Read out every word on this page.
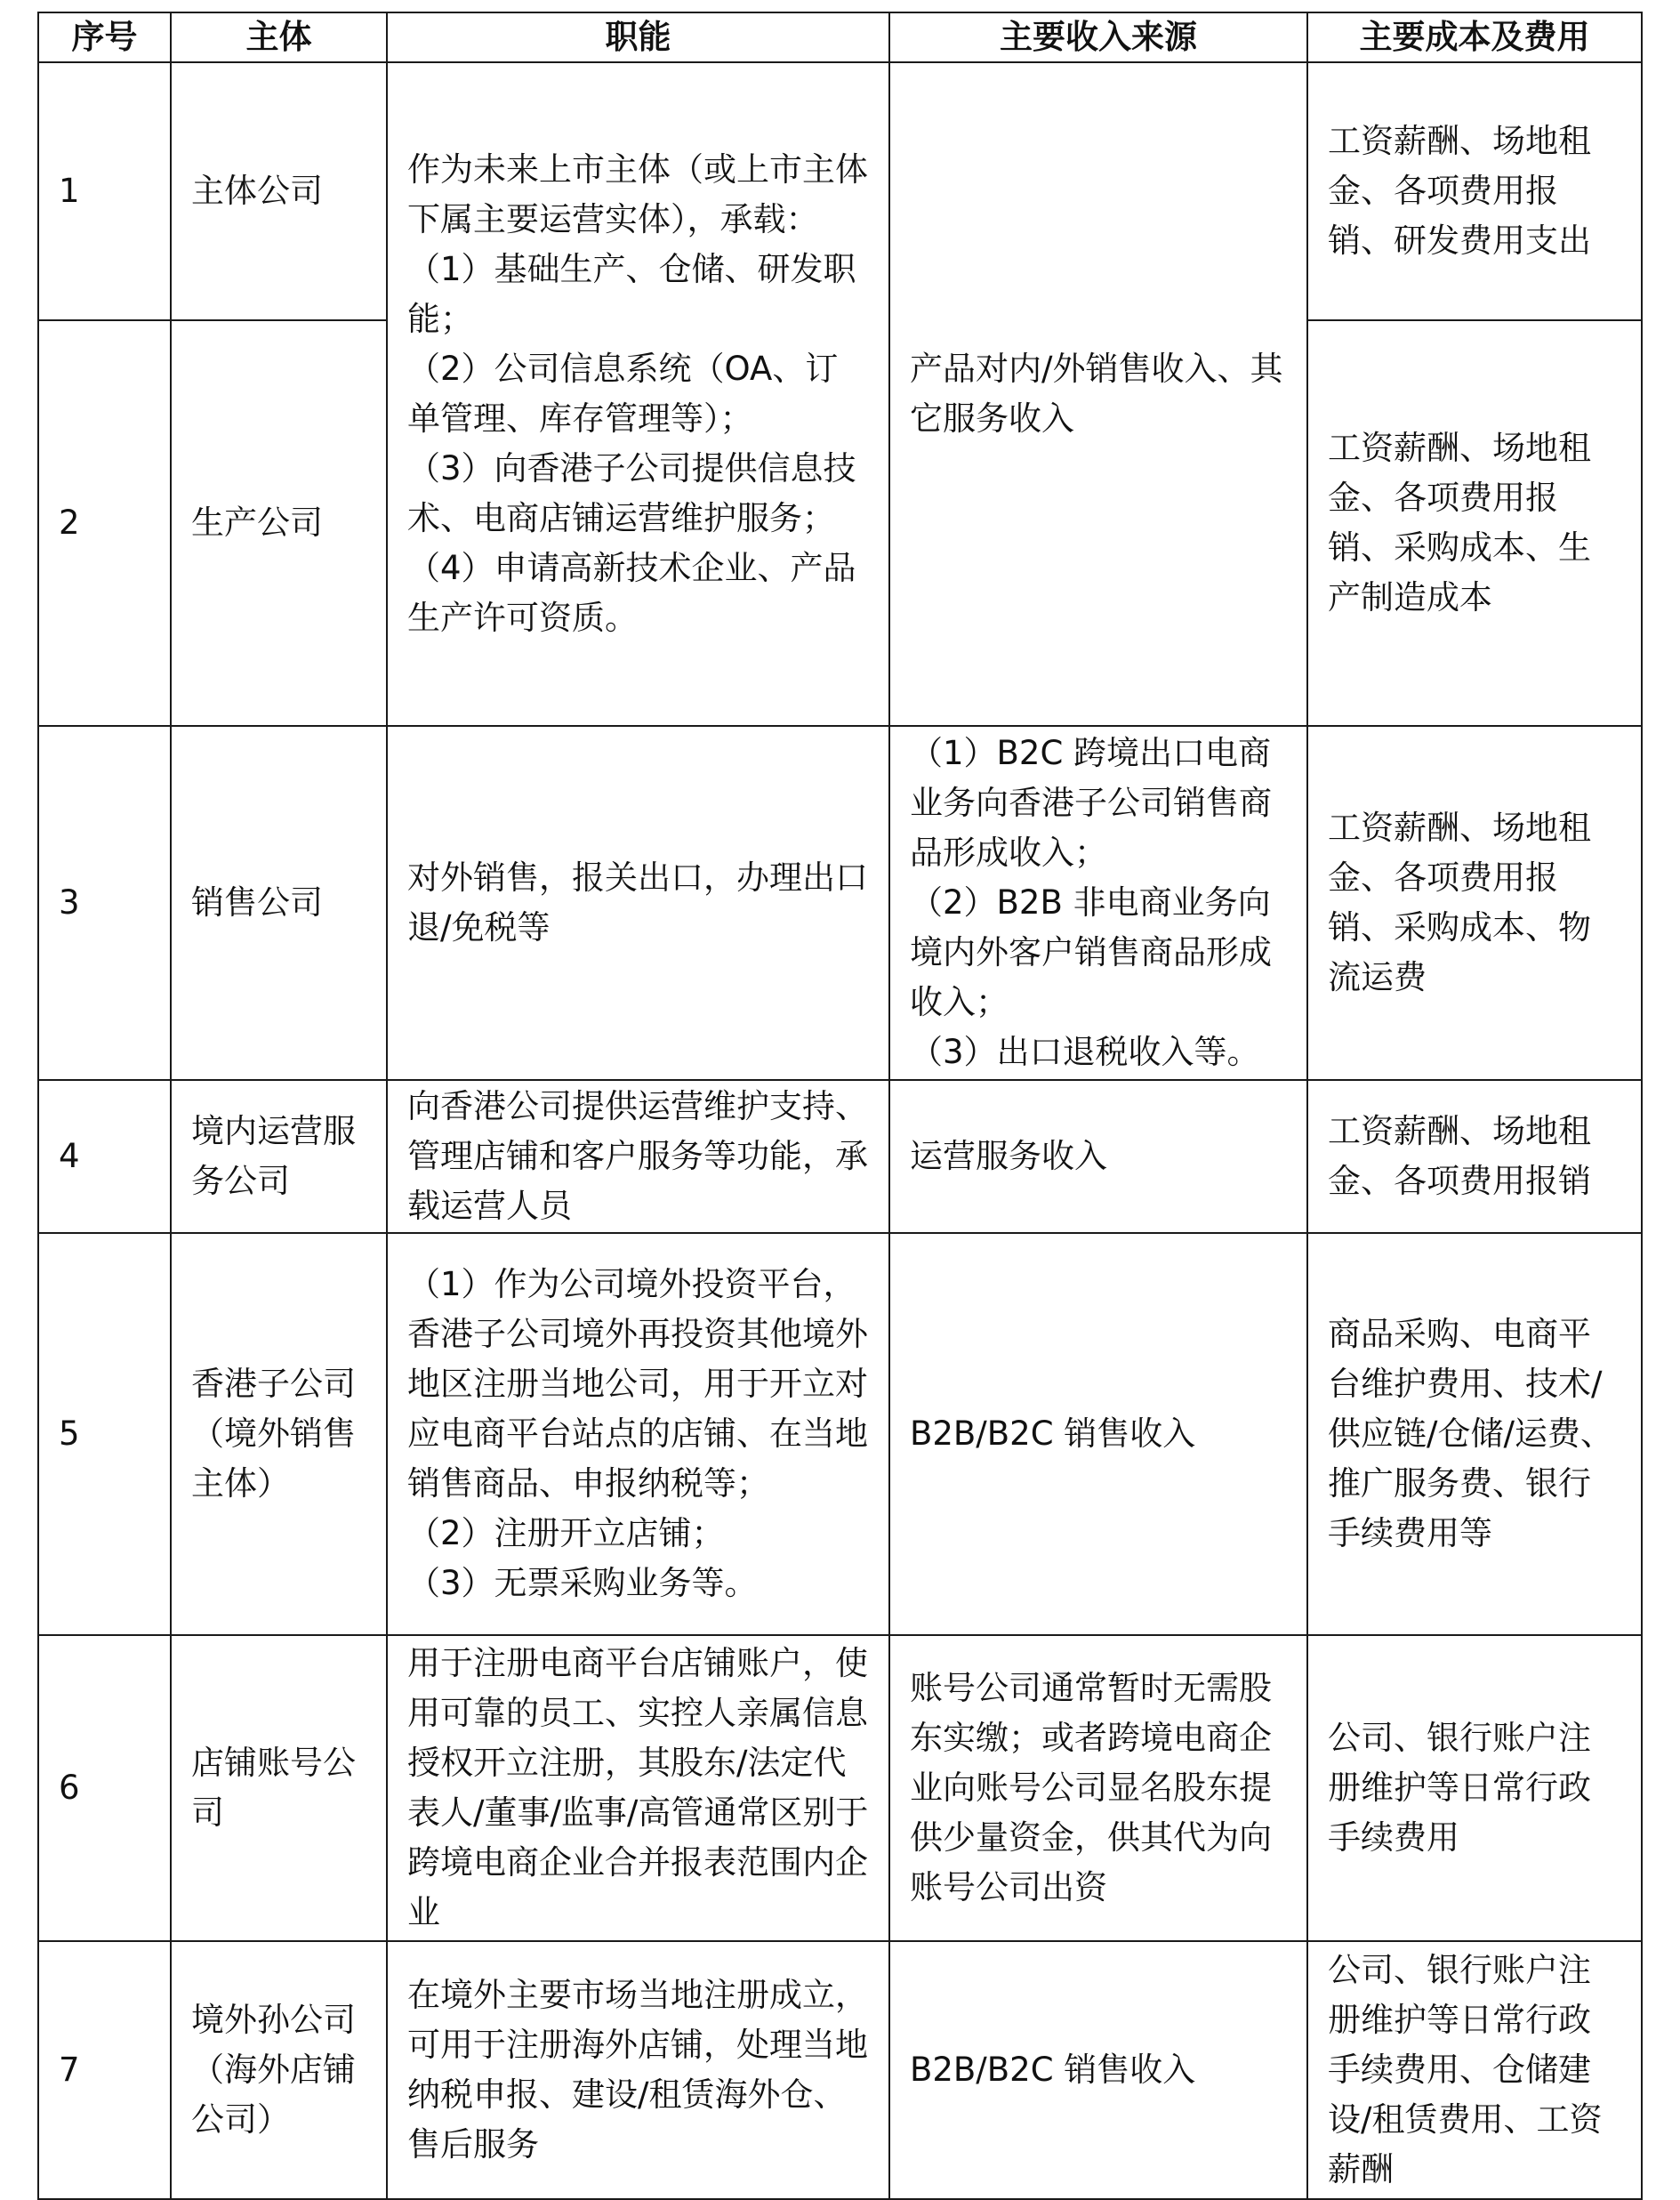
序号	主体	职能	主要收入来源	主要成本及费用
1	主体公司	作为未来上市主体（或上市主体下属主要运营实体），承载：
（1）基础生产、仓储、研发职能；
（2）公司信息系统（OA、订单管理、库存管理等）；
（3）向香港子公司提供信息技术、电商店铺运营维护服务；
（4）申请高新技术企业、产品生产许可资质。	产品对内/外销售收入、其它服务收入	工资薪酬、场地租金、各项费用报销、研发费用支出
2	生产公司			工资薪酬、场地租金、各项费用报销、采购成本、生产制造成本
3	销售公司	对外销售，报关出口，办理出口退/免税等	（1）B2C 跨境出口电商业务向香港子公司销售商品形成收入；
（2）B2B 非电商业务向境内外客户销售商品形成收入；
（3）出口退税收入等。	工资薪酬、场地租金、各项费用报销、采购成本、物流运费
4	境内运营服务公司	向香港公司提供运营维护支持、管理店铺和客户服务等功能，承载运营人员	运营服务收入	工资薪酬、场地租金、各项费用报销
5	香港子公司（境外销售主体）	（1）作为公司境外投资平台，香港子公司境外再投资其他境外地区注册当地公司，用于开立对应电商平台站点的店铺、在当地销售商品、申报纳税等；
（2）注册开立店铺；
（3）无票采购业务等。	B2B/B2C 销售收入	商品采购、电商平台维护费用、技术/供应链/仓储/运费、推广服务费、银行手续费用等
6	店铺账号公司	用于注册电商平台店铺账户，使用可靠的员工、实控人亲属信息授权开立注册，其股东/法定代表人/董事/监事/高管通常区别于跨境电商企业合并报表范围内企业	账号公司通常暂时无需股东实缴；或者跨境电商企业向账号公司显名股东提供少量资金，供其代为向账号公司出资	公司、银行账户注册维护等日常行政手续费用
7	境外孙公司（海外店铺公司）	在境外主要市场当地注册成立，可用于注册海外店铺，处理当地纳税申报、建设/租赁海外仓、售后服务	B2B/B2C 销售收入	公司、银行账户注册维护等日常行政手续费用、仓储建设/租赁费用、工资薪酬
